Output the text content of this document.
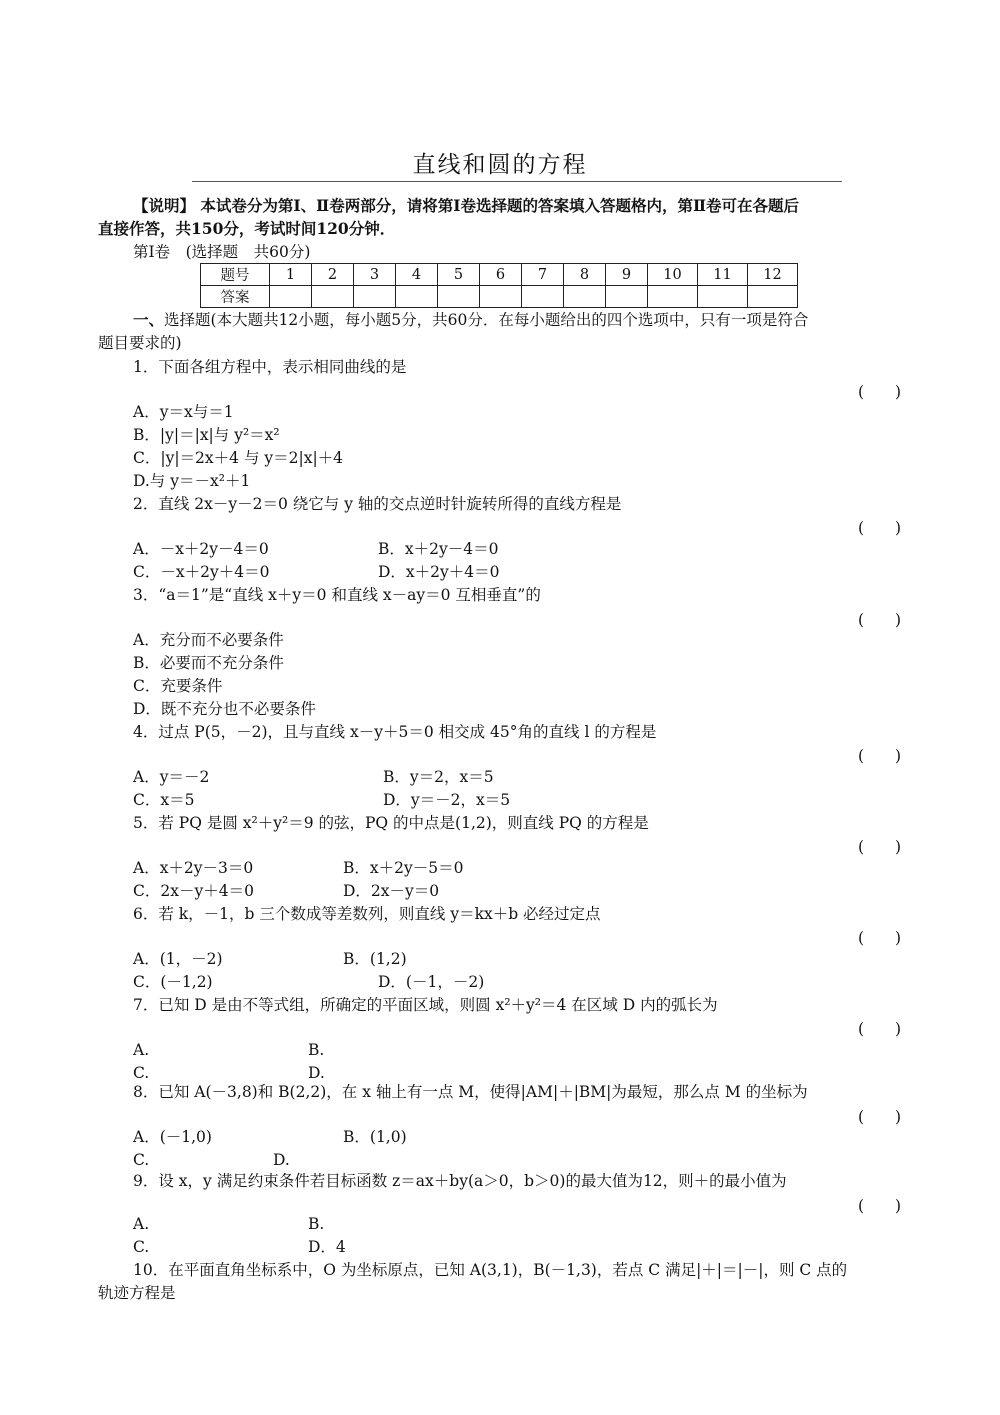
直线和圆的方程
【说明】 本试卷分为第Ⅰ、Ⅱ卷两部分，请将第Ⅰ卷选择题的答案填入答题格内，第Ⅱ卷可在各题后
直接作答，共150分，考试时间120分钟．
第Ⅰ卷　(选择题　共60分)
题号	1	2	3	4	5	6	7	8	9	10	11	12
答案												
一、选择题(本大题共12小题，每小题5分，共60分．在每小题给出的四个选项中，只有一项是符合
题目要求的)
1．下面各组方程中，表示相同曲线的是
(　　)
A．y＝x与＝1
B．|y|＝|x|与 y²＝x²
C．|y|＝2x＋4 与 y＝2|x|＋4
D.与 y＝－x²＋1
2．直线 2x－y－2＝0 绕它与 y 轴的交点逆时针旋转所得的直线方程是
(　　)
A．－x＋2y－4＝0	B．x＋2y－4＝0
C．－x＋2y＋4＝0	D．x＋2y＋4＝0
3．“a＝1”是“直线 x＋y＝0 和直线 x－ay＝0 互相垂直”的
(　　)
A．充分而不必要条件
B．必要而不充分条件
C．充要条件
D．既不充分也不必要条件
4．过点 P(5，－2)，且与直线 x－y＋5＝0 相交成 45°角的直线 l 的方程是
(　　)
A．y＝－2	B．y＝2，x＝5
C．x＝5	D．y＝－2，x＝5
5．若 PQ 是圆 x²＋y²＝9 的弦，PQ 的中点是(1,2)，则直线 PQ 的方程是
(　　)
A．x＋2y－3＝0	B．x＋2y－5＝0
C．2x－y＋4＝0	D．2x－y＝0
6．若 k，－1，b 三个数成等差数列，则直线 y＝kx＋b 必经过定点
(　　)
A．(1，－2)	B．(1,2)
C．(－1,2)	D．(－1，－2)
7．已知 D 是由不等式组，所确定的平面区域，则圆 x²＋y²＝4 在区域 D 内的弧长为
(　　)
A.	B.
C.	D.
8．已知 A(－3,8)和 B(2,2)，在 x 轴上有一点 M，使得|AM|＋|BM|为最短，那么点 M 的坐标为
(　　)
A．(－1,0)	B．(1,0)
C.	D.
9．设 x，y 满足约束条件若目标函数 z＝ax＋by(a＞0，b＞0)的最大值为12，则＋的最小值为
(　　)
A.	B.
C.	D．4
10．在平面直角坐标系中，O 为坐标原点，已知 A(3,1)，B(－1,3)，若点 C 满足|＋|＝|－|，则 C 点的
轨迹方程是
